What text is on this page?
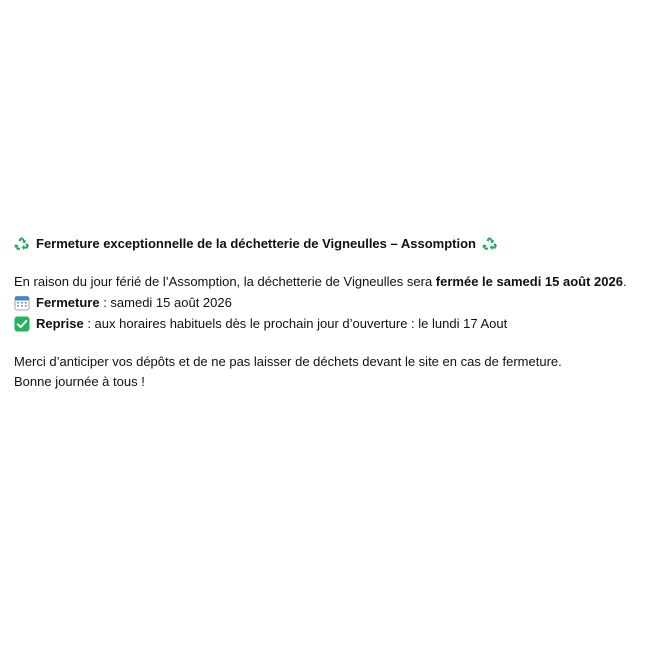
Fermeture exceptionnelle de la déchetterie de Vigneulles – Assomption
En raison du jour férié de l’Assomption, la déchetterie de Vigneulles sera fermée le samedi 15 août 2026.
Fermeture : samedi 15 août 2026
Reprise : aux horaires habituels dès le prochain jour d’ouverture : le lundi 17 Aout
Merci d’anticiper vos dépôts et de ne pas laisser de déchets devant le site en cas de fermeture.
Bonne journée à tous !
